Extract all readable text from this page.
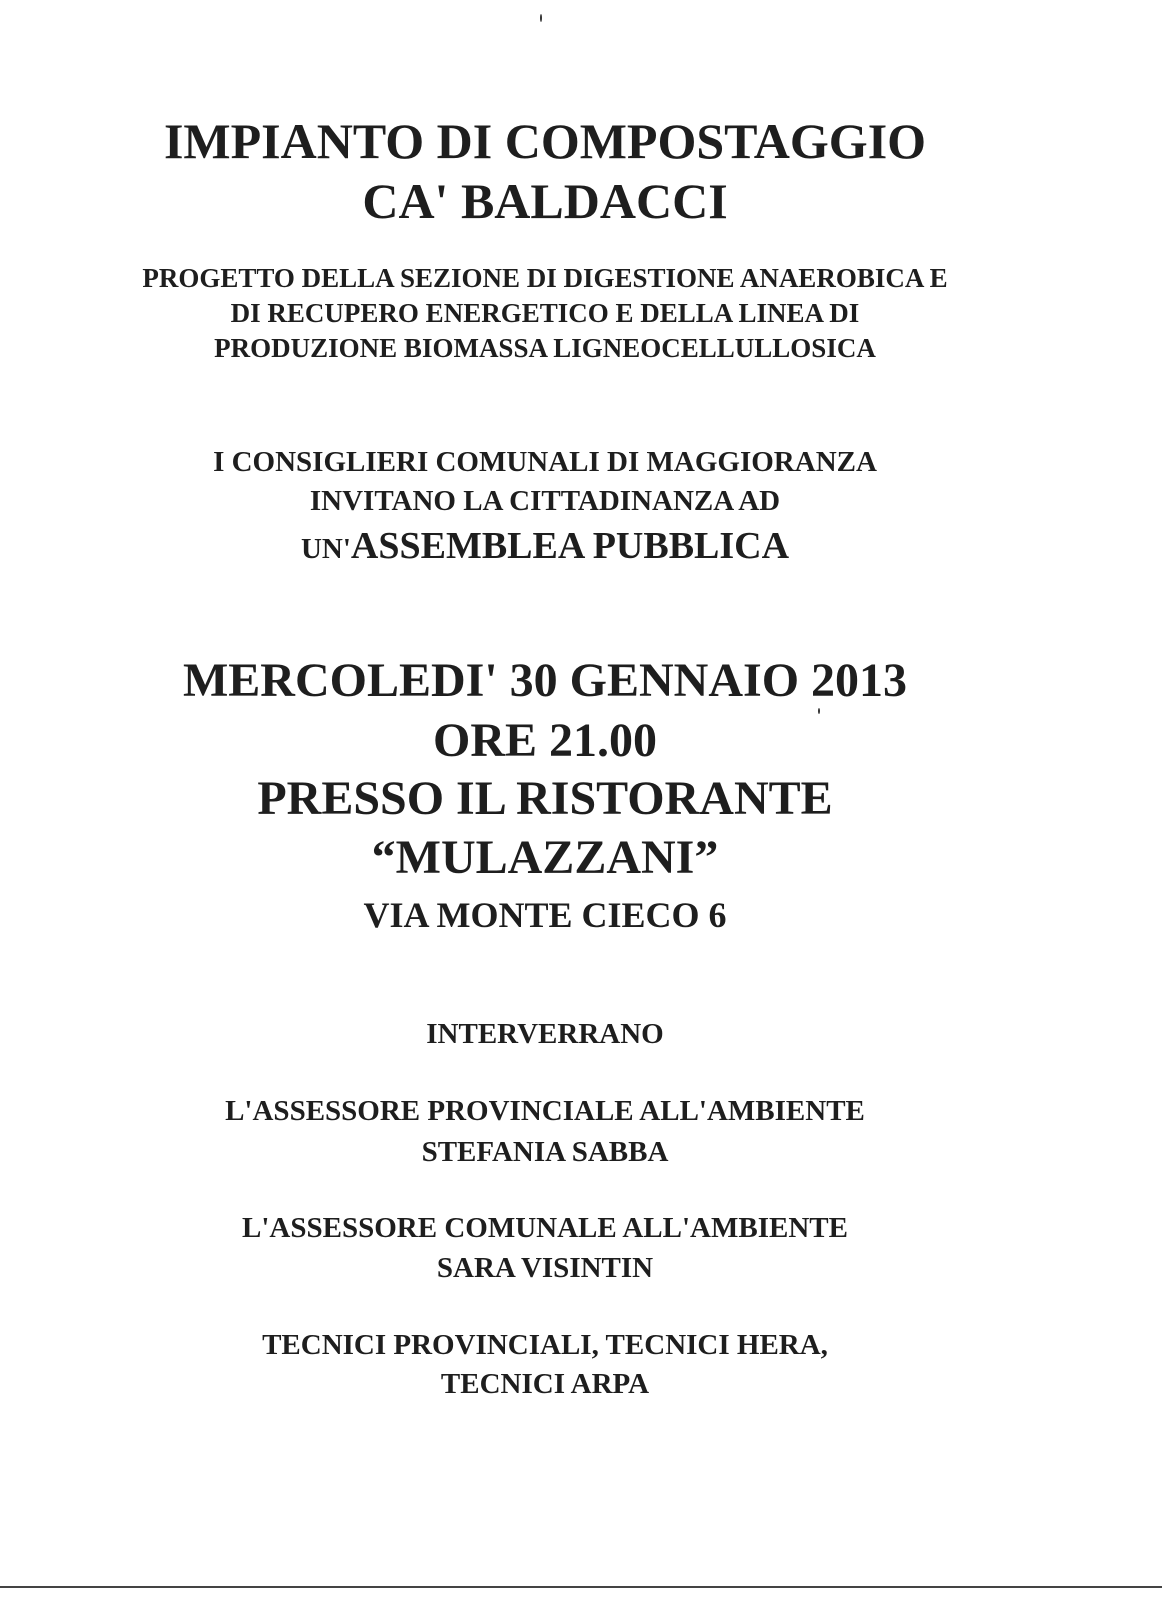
IMPIANTO DI COMPOSTAGGIO
CA' BALDACCI
PROGETTO DELLA SEZIONE DI DIGESTIONE ANAEROBICA E
DI RECUPERO ENERGETICO E DELLA LINEA DI
PRODUZIONE BIOMASSA LIGNEOCELLULLOSICA
I CONSIGLIERI COMUNALI DI MAGGIORANZA
INVITANO LA CITTADINANZA AD
UN'ASSEMBLEA PUBBLICA
MERCOLEDI' 30 GENNAIO 2013
ORE 21.00
PRESSO IL RISTORANTE
“MULAZZANI”
VIA MONTE CIECO 6
INTERVERRANO
L'ASSESSORE PROVINCIALE ALL'AMBIENTE
STEFANIA SABBA
L'ASSESSORE COMUNALE ALL'AMBIENTE
SARA VISINTIN
TECNICI PROVINCIALI, TECNICI HERA,
TECNICI ARPA
